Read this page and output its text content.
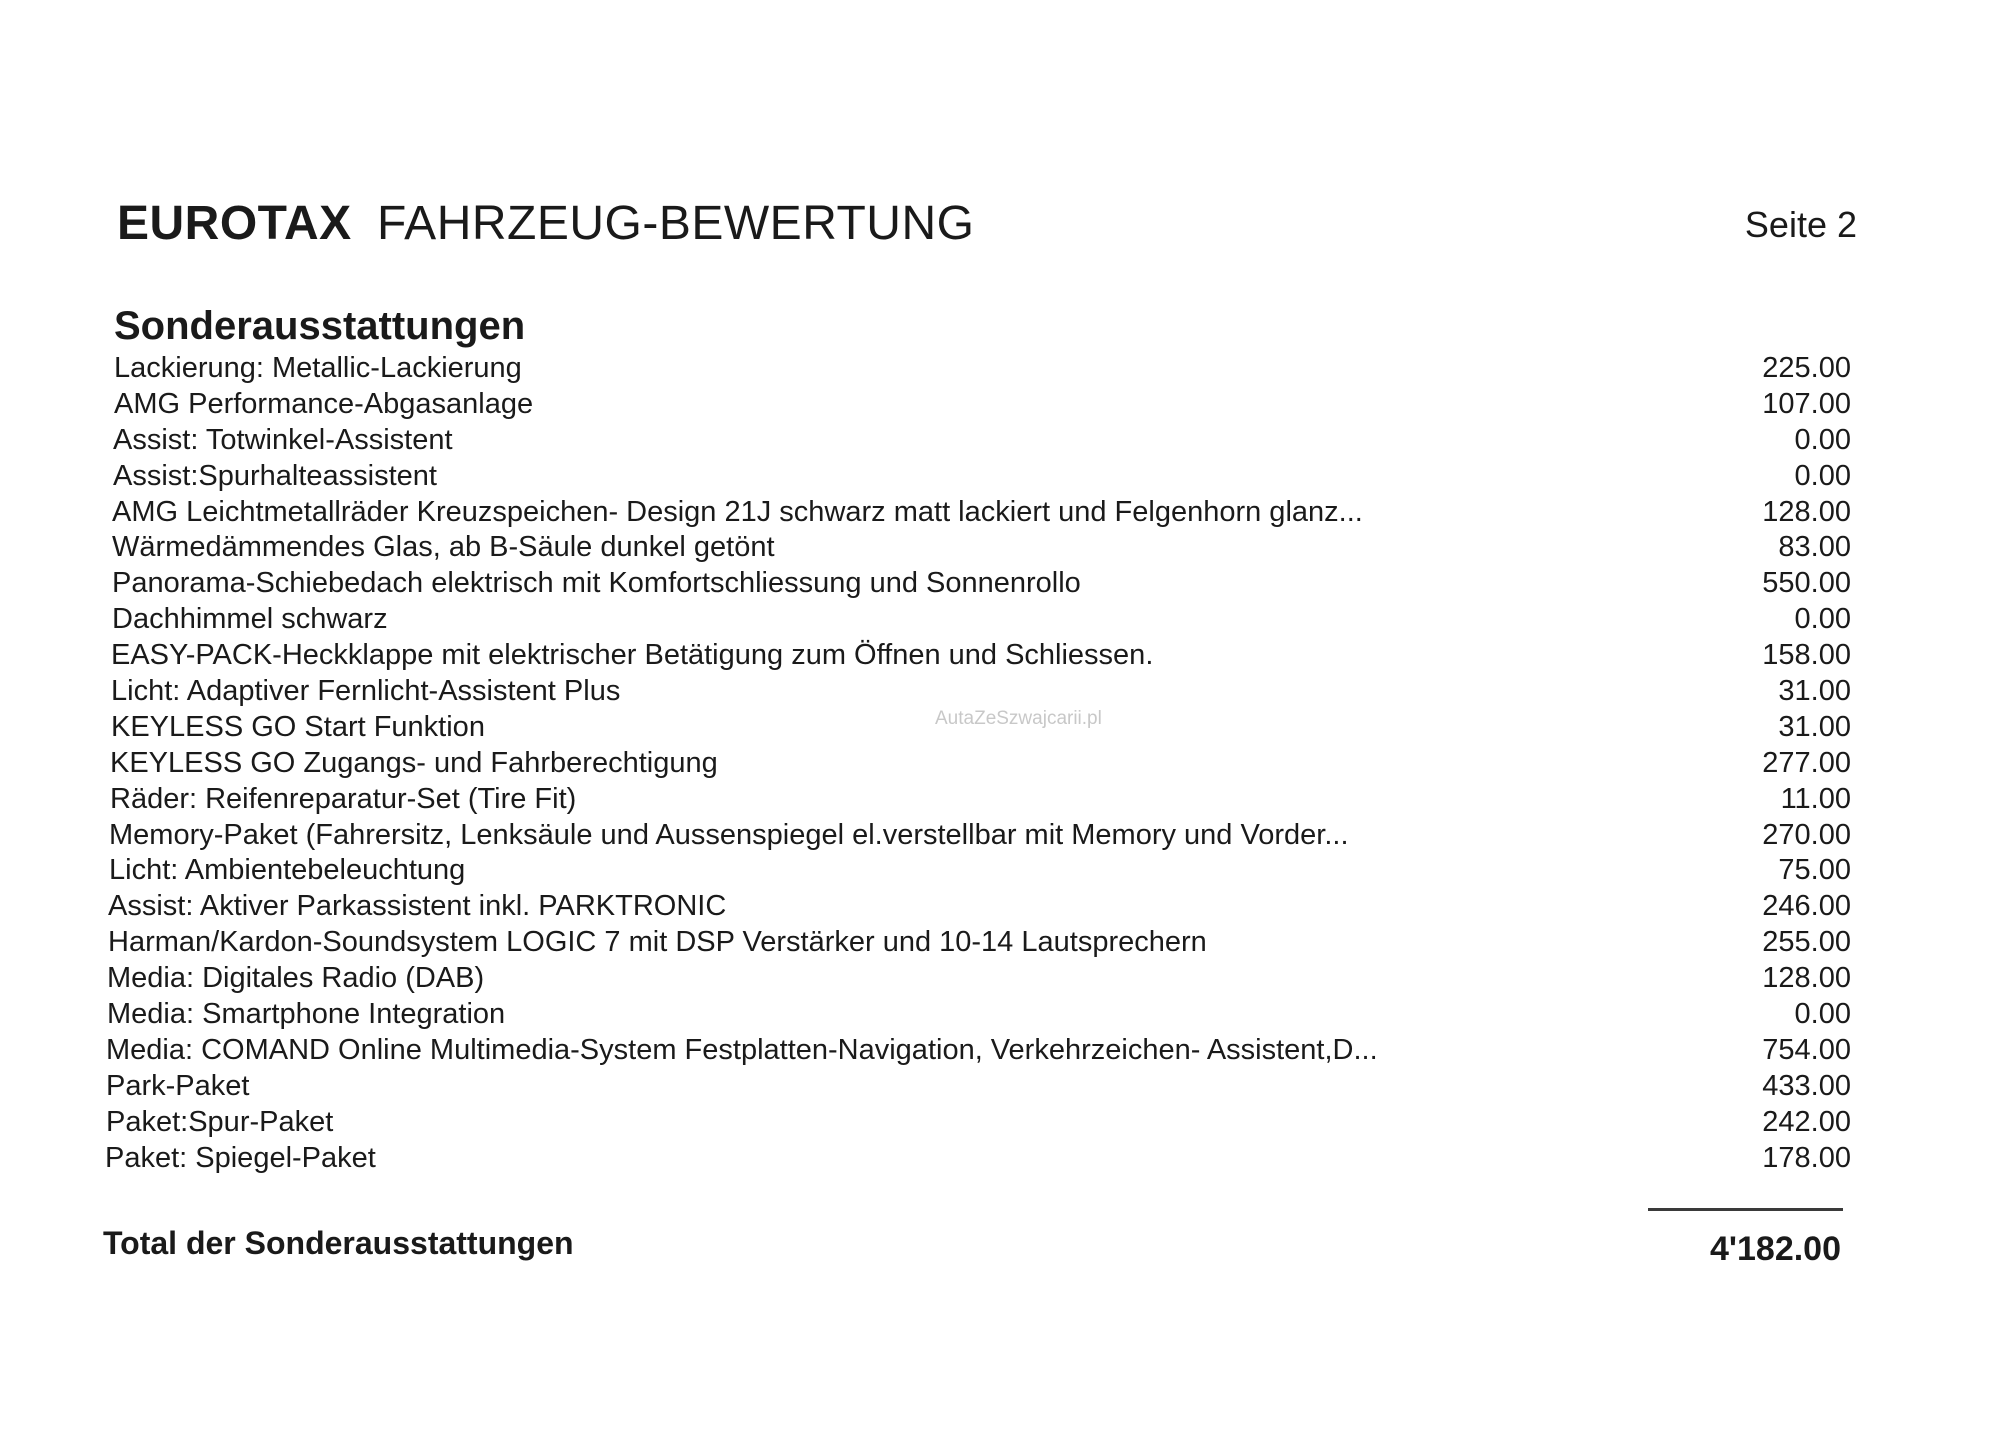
EUROTAX FAHRZEUG-BEWERTUNG	Seite 2
Sonderausstattungen
Lackierung: Metallic-Lackierung	225.00
AMG Performance-Abgasanlage	107.00
Assist: Totwinkel-Assistent	0.00
Assist:Spurhalteassistent	0.00
AMG Leichtmetallräder Kreuzspeichen- Design 21J schwarz matt lackiert und Felgenhorn glanz...	128.00
Wärmedämmendes Glas, ab B-Säule dunkel getönt	83.00
Panorama-Schiebedach elektrisch mit Komfortschliessung und Sonnenrollo	550.00
Dachhimmel schwarz	0.00
EASY-PACK-Heckklappe mit elektrischer Betätigung zum Öffnen und Schliessen.	158.00
Licht: Adaptiver Fernlicht-Assistent Plus	31.00
KEYLESS GO Start Funktion	31.00
KEYLESS GO Zugangs- und Fahrberechtigung	277.00
Räder: Reifenreparatur-Set (Tire Fit)	11.00
Memory-Paket (Fahrersitz, Lenksäule und Aussenspiegel el.verstellbar mit Memory und Vorder...	270.00
Licht: Ambientebeleuchtung	75.00
Assist: Aktiver Parkassistent inkl. PARKTRONIC	246.00
Harman/Kardon-Soundsystem LOGIC 7 mit DSP Verstärker und 10-14 Lautsprechern	255.00
Media: Digitales Radio (DAB)	128.00
Media: Smartphone Integration	0.00
Media: COMAND Online Multimedia-System Festplatten-Navigation, Verkehrzeichen- Assistent,D...	754.00
Park-Paket	433.00
Paket:Spur-Paket	242.00
Paket: Spiegel-Paket	178.00
AutaZeSzwajcarii.pl
Total der Sonderausstattungen	4'182.00
